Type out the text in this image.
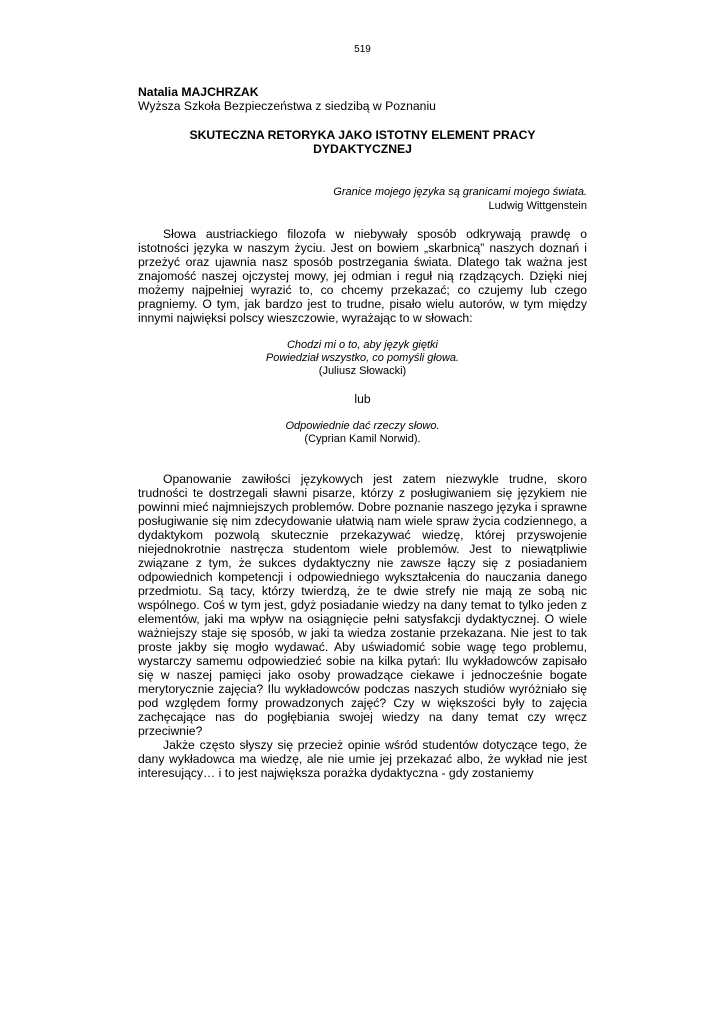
519
Natalia MAJCHRZAK
Wyższa Szkoła Bezpieczeństwa z siedzibą w Poznaniu
SKUTECZNA RETORYKA JAKO ISTOTNY ELEMENT PRACY DYDAKTYCZNEJ
Granice mojego języka są granicami mojego świata.
Ludwig Wittgenstein

Słowa austriackiego filozofa w niebywały sposób odkrywają prawdę o istotności języka w naszym życiu. Jest on bowiem „skarbnicą” naszych doznań i przeżyć oraz ujawnia nasz sposób postrzegania świata. Dlatego tak ważna jest znajomość naszej ojczystej mowy, jej odmian i reguł nią rządzących. Dzięki niej możemy najpełniej wyrazić to, co chcemy przekazać; co czujemy lub czego pragniemy. O tym, jak bardzo jest to trudne, pisało wielu autorów, w tym między innymi najwięksi polscy wieszczowie, wyrażając to w słowach:

Chodzi mi o to, aby język giętki
Powiedział wszystko, co pomyśli głowa.
(Juliusz Słowacki)
lub
Odpowiednie dać rzeczy słowo.
(Cyprian Kamil Norwid).

Opanowanie zawiłości językowych jest zatem niezwykle trudne, skoro trudności te dostrzegali sławni pisarze, którzy z posługiwaniem się językiem nie powinni mieć najmniejszych problemów. Dobre poznanie naszego języka i sprawne posługiwanie się nim zdecydowanie ułatwią nam wiele spraw życia codziennego, a dydaktykom pozwolą skutecznie przekazywać wiedzę, której przyswojenie niejednokrotnie nastręcza studentom wiele problemów. Jest to niewątpliwie związane z tym, że sukces dydaktyczny nie zawsze łączy się z posiadaniem odpowiednich kompetencji i odpowiedniego wykształcenia do nauczania danego przedmiotu. Są tacy, którzy twierdzą, że te dwie strefy nie mają ze sobą nic wspólnego. Coś w tym jest, gdyż posiadanie wiedzy na dany temat to tylko jeden z elementów, jaki ma wpływ na osiągnięcie pełni satysfakcji dydaktycznej. O wiele ważniejszy staje się sposób, w jaki ta wiedza zostanie przekazana. Nie jest to tak proste jakby się mogło wydawać. Aby uświadomić sobie wagę tego problemu, wystarczy samemu odpowiedzieć sobie na kilka pytań: Ilu wykładowców zapisało się w naszej pamięci jako osoby prowadzące ciekawe i jednocześnie bogate merytorycznie zajęcia? Ilu wykładowców podczas naszych studiów wyróżniało się pod względem formy prowadzonych zajęć? Czy w większości były to zajęcia zachęcające nas do pogłębiania swojej wiedzy na dany temat czy wręcz przeciwnie?

Jakże często słyszy się przecież opinie wśród studentów dotyczące tego, że dany wykładowca ma wiedzę, ale nie umie jej przekazać albo, że wykład nie jest interesujący… i to jest największa porażka dydaktyczna - gdy zostaniemy
